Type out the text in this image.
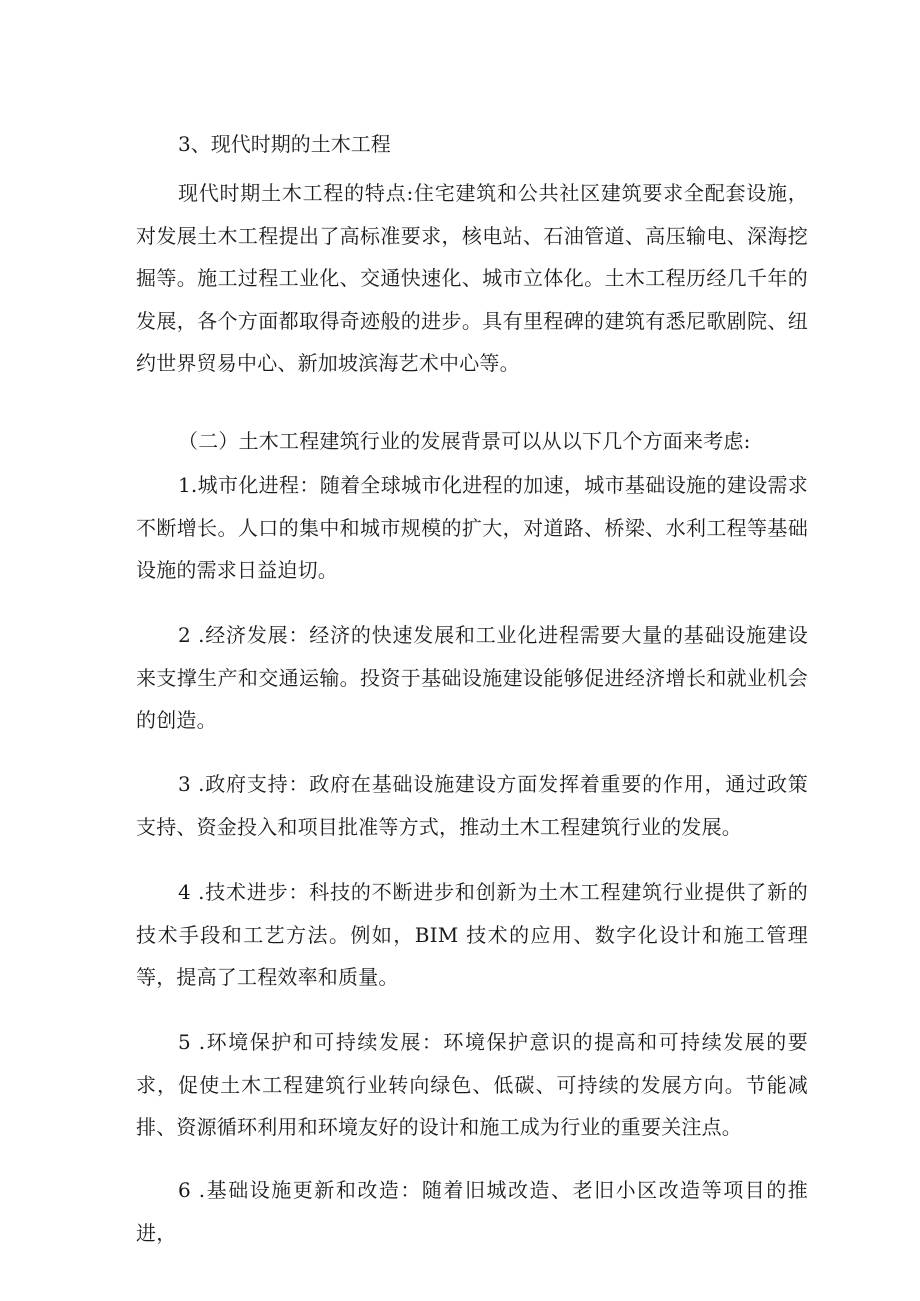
3、现代时期的土木工程

现代时期土木工程的特点:住宅建筑和公共社区建筑要求全配套设施，对发展土木工程提出了高标准要求，核电站、石油管道、高压输电、深海挖掘等。施工过程工业化、交通快速化、城市立体化。土木工程历经几千年的发展，各个方面都取得奇迹般的进步。具有里程碑的建筑有悉尼歌剧院、纽约世界贸易中心、新加坡滨海艺术中心等。

（二）土木工程建筑行业的发展背景可以从以下几个方面来考虑:

1.城市化进程：随着全球城市化进程的加速，城市基础设施的建设需求不断增长。人口的集中和城市规模的扩大，对道路、桥梁、水利工程等基础设施的需求日益迫切。

2 .经济发展：经济的快速发展和工业化进程需要大量的基础设施建设来支撑生产和交通运输。投资于基础设施建设能够促进经济增长和就业机会的创造。

3 .政府支持：政府在基础设施建设方面发挥着重要的作用，通过政策支持、资金投入和项目批准等方式，推动土木工程建筑行业的发展。

4 .技术进步：科技的不断进步和创新为土木工程建筑行业提供了新的技术手段和工艺方法。例如，BIM 技术的应用、数字化设计和施工管理等，提高了工程效率和质量。

5 .环境保护和可持续发展：环境保护意识的提高和可持续发展的要求，促使土木工程建筑行业转向绿色、低碳、可持续的发展方向。节能减排、资源循环利用和环境友好的设计和施工成为行业的重要关注点。

6 .基础设施更新和改造：随着旧城改造、老旧小区改造等项目的推进，
